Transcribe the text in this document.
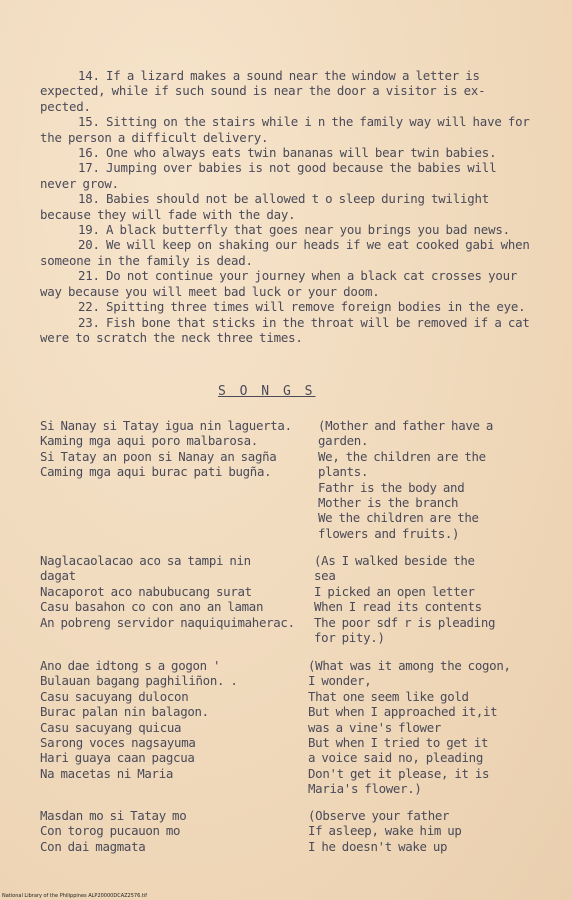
14. If a lizard makes a sound near the window a letter is expected, while if such sound is near the door a visitor is ex-pected.

15. Sitting on the stairs while i n the family way will have for the person a difficult delivery.

16. One who always eats twin bananas will bear twin babies.

17. Jumping over babies is not good because the babies will never grow.

18. Babies should not be allowed t o sleep during twilight because they will fade with the day.

19. A black butterfly that goes near you brings you bad news.

20. We will keep on shaking our heads if we eat cooked gabi when someone in the family is dead.

21. Do not continue your journey when a black cat crosses your way because you will meet bad luck or your doom.

22. Spitting three times will remove foreign bodies in the eye.

23. Fish bone that sticks in the throat will be removed if a cat were to scratch the neck three times.

S O N G S
Si Nanay si Tatay igua nin laguerta.
Kaming mga aqui poro malbarosa.
Si Tatay an poon si Nanay an sagña
Caming mga aqui burac pati bugña.
(Mother and father have a
garden.
We, the children are the
plants.
Fathr is the body and
Mother is the branch
We the children are the
flowers and fruits.)
Naglacaolacao aco sa tampi nin
dagat
Nacaporot aco nabubucang surat
Casu basahon co con ano an laman
An pobreng servidor naquiquimaherac.
(As I walked beside the
sea
I picked an open letter
When I read its contents
The poor sdf r is pleading
for pity.)
Ano dae idtong s a gogon '
Bulauan bagang paghiliñon. .
Casu sacuyang dulocon
Burac palan nin balagon.
Casu sacuyang quicua
Sarong voces nagsayuma
Hari guaya caan pagcua
Na macetas ni Maria
(What was it among the cogon,
I wonder,
That one seem like gold
But when I approached it,it
was a vine's flower
But when I tried to get it
a voice said no, pleading
Don't get it please, it is
Maria's flower.)
Masdan mo si Tatay mo
Con torog pucauon mo
Con dai magmata
(Observe your father
If asleep, wake him up
I he doesn't wake up
National Library of the Philippines ALP20000DCAZ2576.tif
